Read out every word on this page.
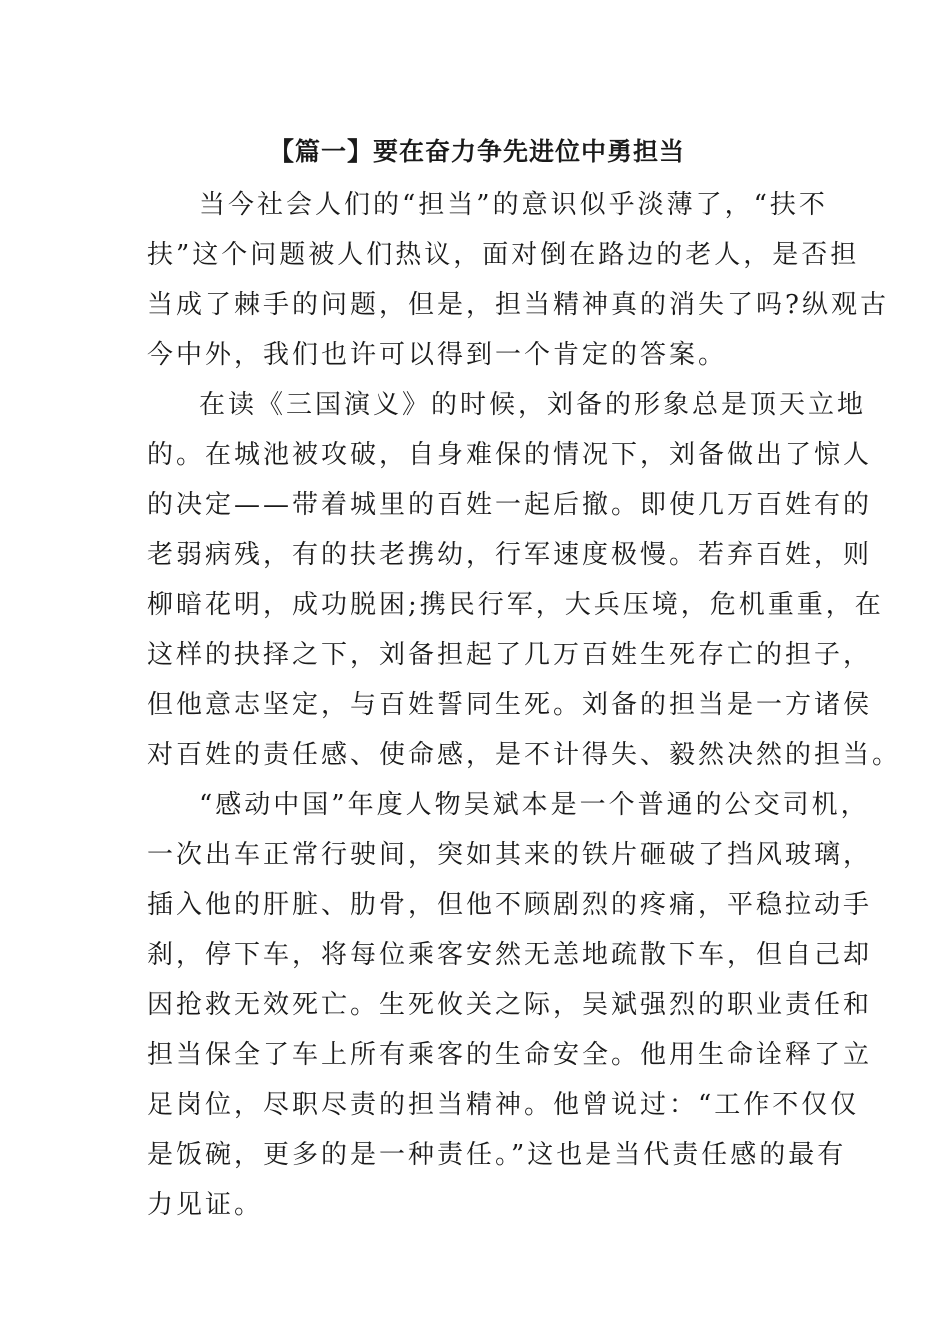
【篇一】要在奋力争先进位中勇担当
当今社会人们的“担当”的意识似乎淡薄了，“扶不
扶”这个问题被人们热议，面对倒在路边的老人，是否担
当成了棘手的问题，但是，担当精神真的消失了吗?纵观古
今中外，我们也许可以得到一个肯定的答案。
在读《三国演义》的时候，刘备的形象总是顶天立地
的。在城池被攻破，自身难保的情况下，刘备做出了惊人
的决定——带着城里的百姓一起后撤。即使几万百姓有的
老弱病残，有的扶老携幼，行军速度极慢。若弃百姓，则
柳暗花明，成功脱困;携民行军，大兵压境，危机重重，在
这样的抉择之下，刘备担起了几万百姓生死存亡的担子，
但他意志坚定，与百姓誓同生死。刘备的担当是一方诸侯
对百姓的责任感、使命感，是不计得失、毅然决然的担当。
“感动中国”年度人物吴斌本是一个普通的公交司机，
一次出车正常行驶间，突如其来的铁片砸破了挡风玻璃，
插入他的肝脏、肋骨，但他不顾剧烈的疼痛，平稳拉动手
刹，停下车，将每位乘客安然无恙地疏散下车，但自己却
因抢救无效死亡。生死攸关之际，吴斌强烈的职业责任和
担当保全了车上所有乘客的生命安全。他用生命诠释了立
足岗位，尽职尽责的担当精神。他曾说过：“工作不仅仅
是饭碗，更多的是一种责任。”这也是当代责任感的最有
力见证。
